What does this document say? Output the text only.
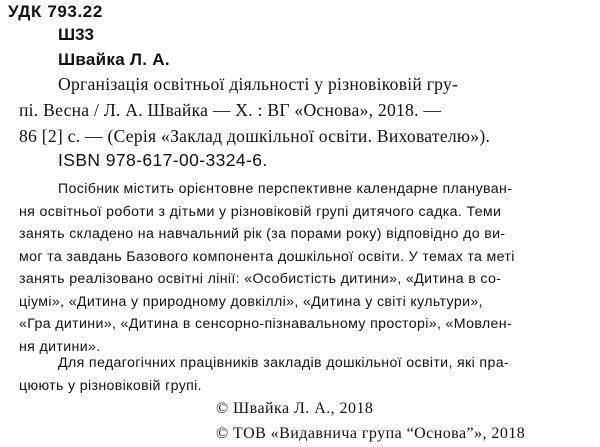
УДК 793.22
Ш33
Швайка Л. А.
Організація освітньої діяльності у різновіковій гру-
пі. Весна / Л. А. Швайка — Х. : ВГ «Основа», 2018. —
86 [2] с. — (Серія «Заклад дошкільної освіти. Вихователю»).
ISBN 978-617-00-3324-6.
Посібник містить орієнтовне перспективне календарне плануван-
ня освітньої роботи з дітьми у різновіковій групі дитячого садка. Теми
занять складено на навчальний рік (за порами року) відповідно до ви-
мог та завдань Базового компонента дошкільної освіти. У темах та меті
занять реалізовано освітні лінії: «Особистість дитини», «Дитина в со-
ціумі», «Дитина у природному довкіллі», «Дитина у світі культури»,
«Гра дитини», «Дитина в сенсорно-пізнавальному просторі», «Мовлен-
ня дитини».
Для педагогічних працівників закладів дошкільної освіти, які пра-
цюють у різновіковій групі.
© Швайка Л. А., 2018
© ТОВ «Видавнича група “Основа”», 2018
